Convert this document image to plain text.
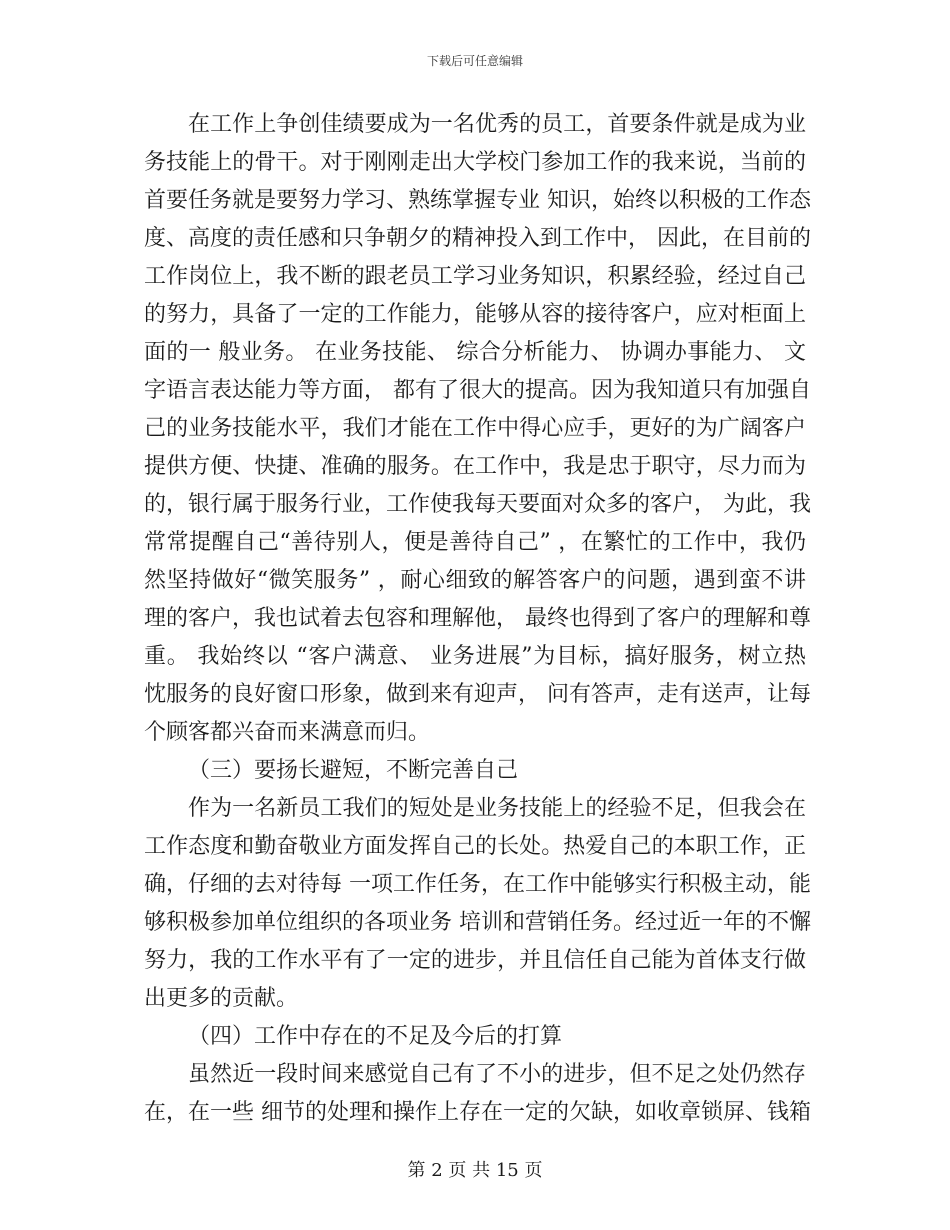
下载后可任意编辑
在工作上争创佳绩要成为一名优秀的员工，首要条件就是成为业
务技能上的骨干。对于刚刚走出大学校门参加工作的我来说，当前的
首要任务就是要努力学习、熟练掌握专业 知识，始终以积极的工作态
度、高度的责任感和只争朝夕的精神投入到工作中， 因此，在目前的
工作岗位上，我不断的跟老员工学习业务知识，积累经验，经过自己
的努力，具备了一定的工作能力，能够从容的接待客户，应对柜面上
面的一 般业务。 在业务技能、 综合分析能力、 协调办事能力、 文
字语言表达能力等方面， 都有了很大的提高。因为我知道只有加强自
己的业务技能水平，我们才能在工作中得心应手，更好的为广阔客户
提供方便、快捷、准确的服务。在工作中，我是忠于职守，尽力而为
的，银行属于服务行业，工作使我每天要面对众多的客户， 为此，我
常常提醒自己“善待别人，便是善待自己” ，在繁忙的工作中，我仍
然坚持做好“微笑服务” ，耐心细致的解答客户的问题，遇到蛮不讲
理的客户，我也试着去包容和理解他， 最终也得到了客户的理解和尊
重。 我始终以 “客户满意、 业务进展”为目标，搞好服务，树立热
忱服务的良好窗口形象，做到来有迎声， 问有答声，走有送声，让每
个顾客都兴奋而来满意而归。
（三）要扬长避短，不断完善自己
作为一名新员工我们的短处是业务技能上的经验不足，但我会在
工作态度和勤奋敬业方面发挥自己的长处。热爱自己的本职工作，正
确，仔细的去对待每 一项工作任务，在工作中能够实行积极主动，能
够积极参加单位组织的各项业务 培训和营销任务。经过近一年的不懈
努力，我的工作水平有了一定的进步，并且信任自己能为首体支行做
出更多的贡献。
（四）工作中存在的不足及今后的打算
虽然近一段时间来感觉自己有了不小的进步，但不足之处仍然存
在，在一些 细节的处理和操作上存在一定的欠缺，如收章锁屏、钱箱
第 2 页 共 15 页
